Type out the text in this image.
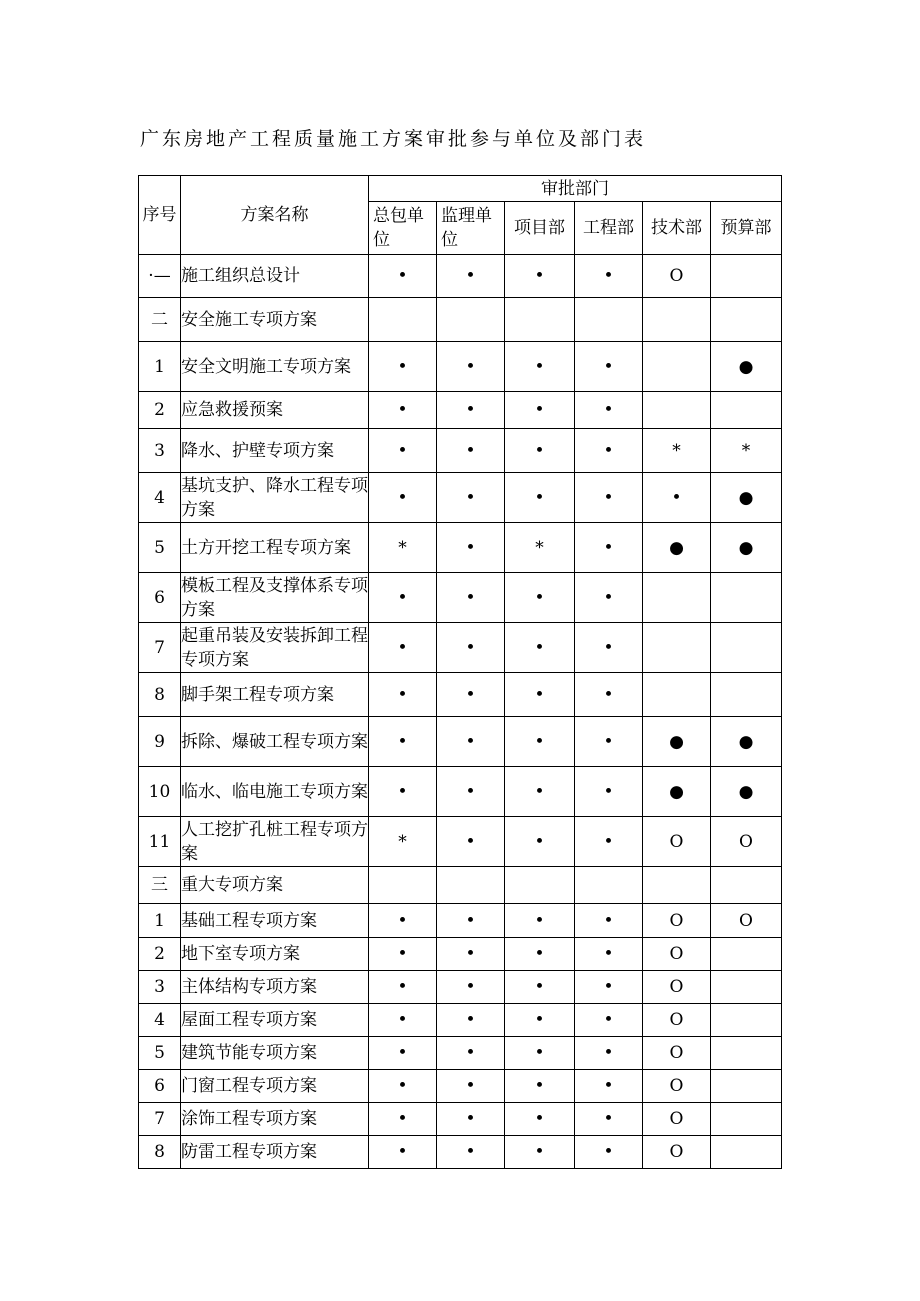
广东房地产工程质量施工方案审批参与单位及部门表
序号	方案名称	审批部门					
		总包单位	监理单位	项目部	工程部	技术部	预算部
·—	施工组织总设计	•	•	•	•	O	
二	安全施工专项方案						
1	安全文明施工专项方案	•	•	•	•		●
2	应急救援预案	•	•	•	•		
3	降水、护壁专项方案	•	•	•	•	*	*
4	基坑支护、降水工程专项方案	•	•	•	•	•	●
5	土方开挖工程专项方案	*	•	*	•	●	●
6	模板工程及支撑体系专项方案	•	•	•	•		
7	起重吊装及安装拆卸工程专项方案	•	•	•	•		
8	脚手架工程专项方案	•	•	•	•		
9	拆除、爆破工程专项方案	•	•	•	•	●	●
10	临水、临电施工专项方案	•	•	•	•	●	●
11	人工挖扩孔桩工程专项方案	*	•	•	•	O	O
三	重大专项方案						
1	基础工程专项方案	•	•	•	•	O	O
2	地下室专项方案	•	•	•	•	O	
3	主体结构专项方案	•	•	•	•	O	
4	屋面工程专项方案	•	•	•	•	O	
5	建筑节能专项方案	•	•	•	•	O	
6	门窗工程专项方案	•	•	•	•	O	
7	涂饰工程专项方案	•	•	•	•	O	
8	防雷工程专项方案	•	•	•	•	O	
